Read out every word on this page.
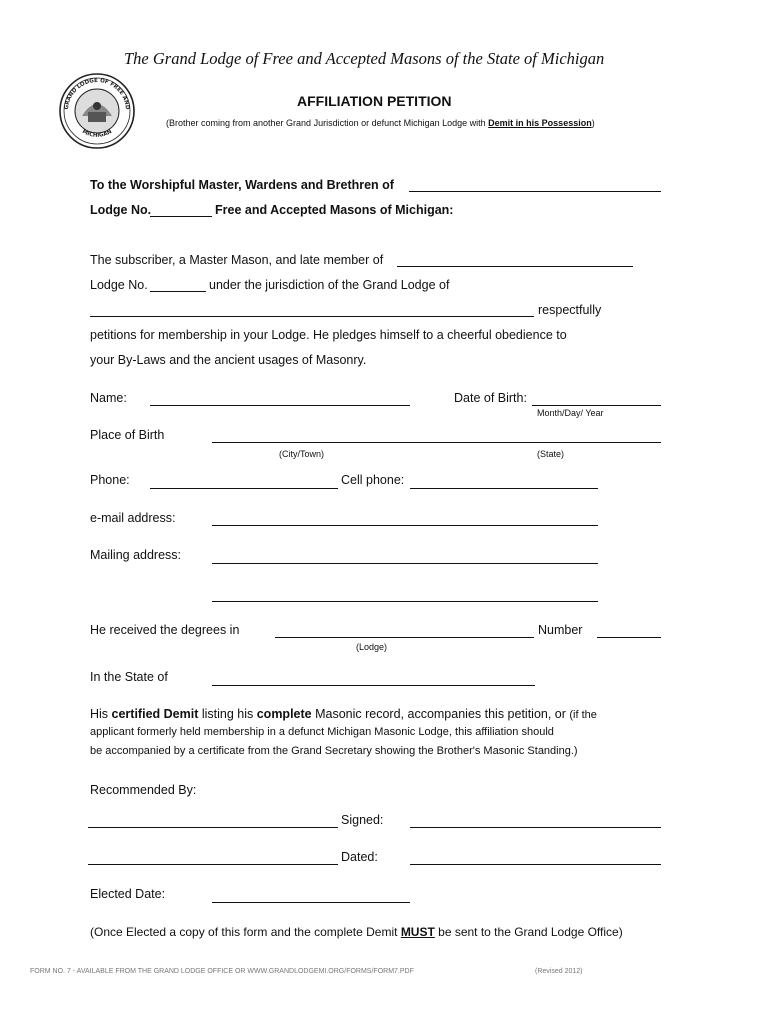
The Grand Lodge of Free and Accepted Masons of the State of Michigan
GRAND LODGE OF FREE AND
MICHIGAN
AFFILIATION PETITION
(Brother coming from another Grand Jurisdiction or defunct Michigan Lodge with Demit in his Possession)
To the Worshipful Master, Wardens and Brethren of
Lodge No.	Free and Accepted Masons of Michigan:
The subscriber, a Master Mason, and late member of
Lodge No.	under the jurisdiction of the Grand Lodge of
respectfully
petitions for membership in your Lodge. He pledges himself to a cheerful obedience to
your By-Laws and the ancient usages of Masonry.
Name:	Date of Birth:
Month/Day/ Year
Place of Birth
(City/Town)	(State)
Phone:	Cell phone:
e-mail address:
Mailing address:
He received the degrees in	Number
(Lodge)
In the State of
His certified Demit listing his complete Masonic record, accompanies this petition, or (if the
applicant formerly held membership in a defunct Michigan Masonic Lodge, this affiliation should
be accompanied by a certificate from the Grand Secretary showing the Brother's Masonic Standing.)
Recommended By:
Signed:
Dated:
Elected Date:
(Once Elected a copy of this form and the complete Demit MUST be sent to the Grand Lodge Office)
FORM NO. 7 - AVAILABLE FROM THE GRAND LODGE OFFICE OR WWW.GRANDLODGEMI.ORG/FORMS/FORM7.PDF	(Revised 2012)
